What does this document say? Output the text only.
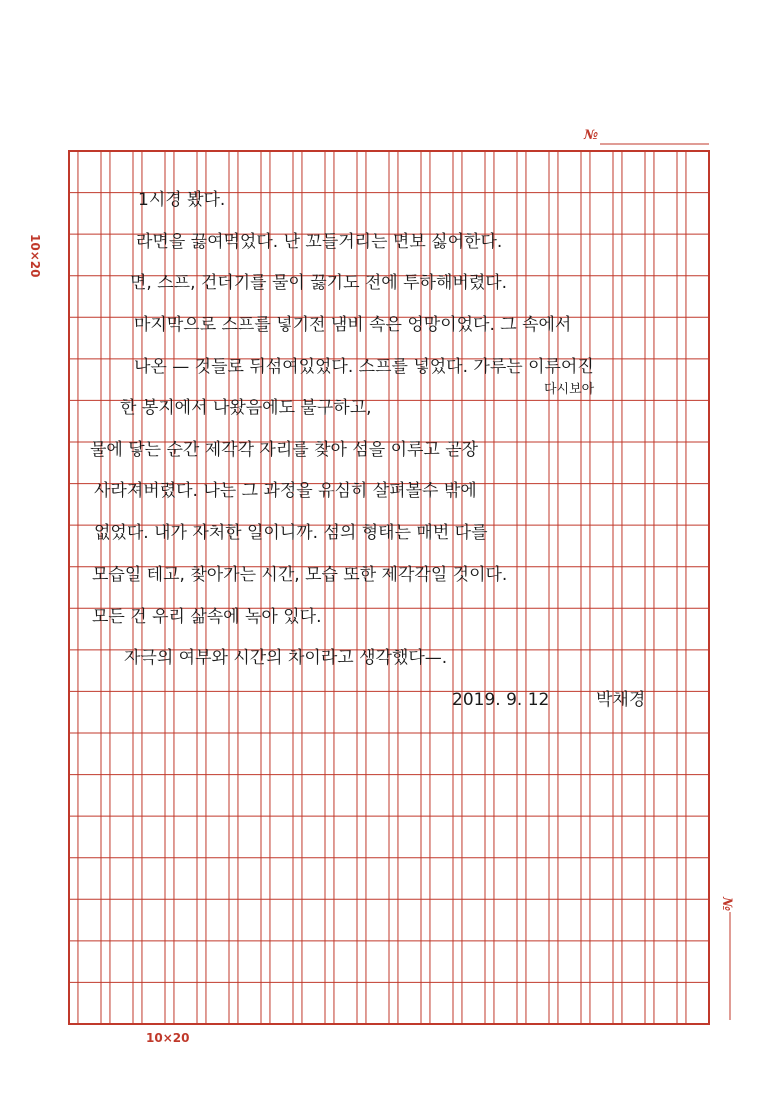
10×20
10×20
№
№
1시경 봤다.
라면을 끓여먹었다. 난 꼬들거리는 면보 싫어한다.
면, 스프, 건더기를 물이 끓기도 전에 투하해버렸다.
마지막으로 스프를 넣기전 냄비 속은 엉망이었다. 그 속에서
나온 — 것들로 뒤섞여있었다. 스프를 넣었다. 가루는 이루어진
한 봉지에서 나왔음에도 불구하고,
물에 닿는 순간 제각각 자리를 찾아 섬을 이루고 곧장
사라져버렸다. 나는 그 과정을 유심히 살펴볼수 밖에
없었다. 내가 자처한 일이니까. 섬의 형태는 매번 다를
모습일 테고, 찾아가는 시간, 모습 또한 제각각일 것이다.
모든 건 우리 삶속에 녹아 있다.
자극의 여부와 시간의 차이라고 생각했다—.
다시보아
2019. 9. 12	박채경
